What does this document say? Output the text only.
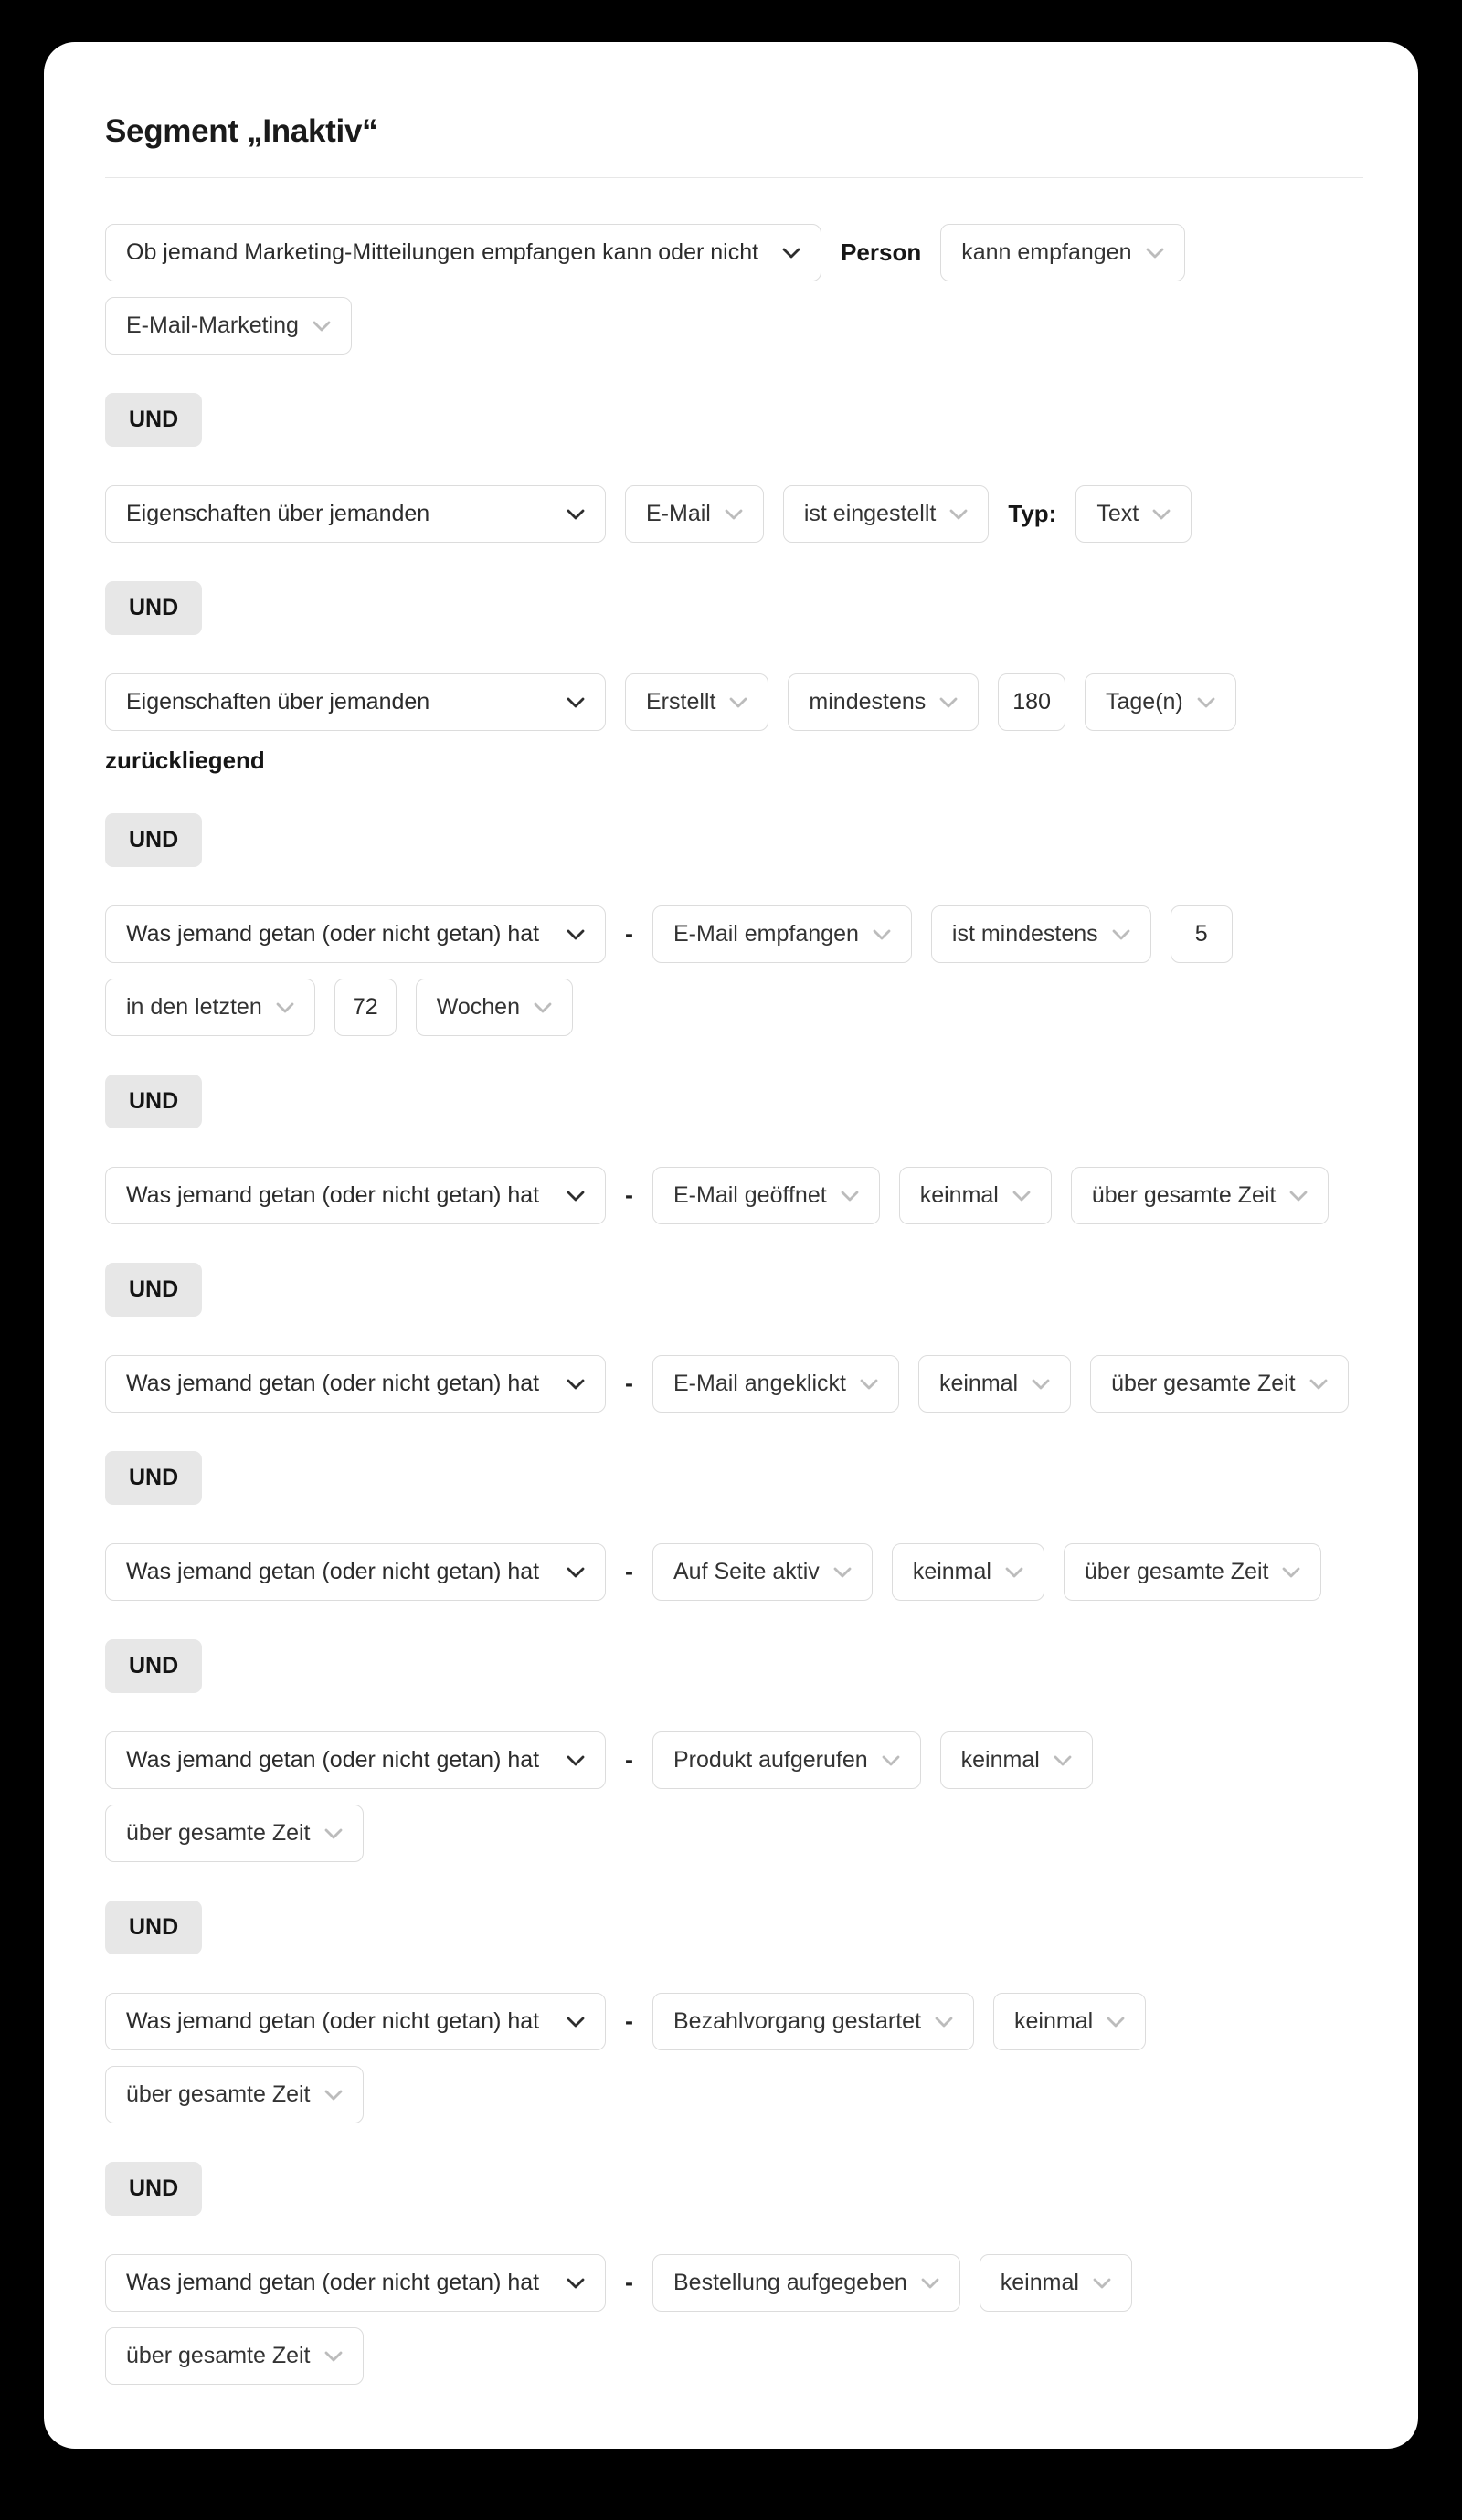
Segment „Inaktiv“
Ob jemand Marketing-Mitteilungen empfangen kann oder nicht	Person kann empfangen
E-Mail-Marketing
UND
Eigenschaften über jemanden	E-Mail	ist eingestellt	Typ: Text
UND
Eigenschaften über jemanden	Erstellt	mindestens	180	Tage(n)
zurückliegend
UND
Was jemand getan (oder nicht getan) hat	- E-Mail empfangen	ist mindestens	5
in den letzten	72	Wochen
UND
Was jemand getan (oder nicht getan) hat	- E-Mail geöffnet	keinmal	über gesamte Zeit
UND
Was jemand getan (oder nicht getan) hat	- E-Mail angeklickt	keinmal	über gesamte Zeit
UND
Was jemand getan (oder nicht getan) hat	- Auf Seite aktiv	keinmal	über gesamte Zeit
UND
Was jemand getan (oder nicht getan) hat	- Produkt aufgerufen	keinmal
über gesamte Zeit
UND
Was jemand getan (oder nicht getan) hat	- Bezahlvorgang gestartet	keinmal
über gesamte Zeit
UND
Was jemand getan (oder nicht getan) hat	- Bestellung aufgegeben	keinmal
über gesamte Zeit
